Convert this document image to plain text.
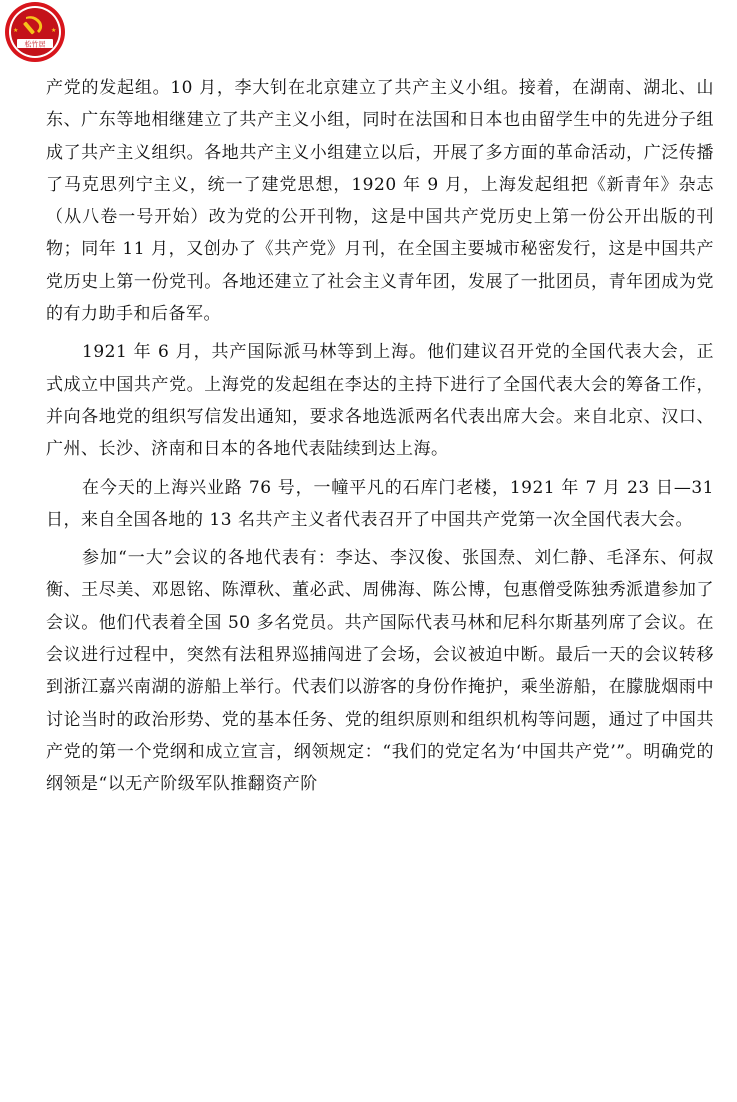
★	★
松竹居

产党的发起组。10 月，李大钊在北京建立了共产主义小组。接着，在湖南、湖北、山东、广东等地相继建立了共产主义小组，同时在法国和日本也由留学生中的先进分子组成了共产主义组织。各地共产主义小组建立以后，开展了多方面的革命活动，广泛传播了马克思列宁主义，统一了建党思想，1920 年 9 月，上海发起组把《新青年》杂志（从八卷一号开始）改为党的公开刊物，这是中国共产党历史上第一份公开出版的刊物；同年 11 月，又创办了《共产党》月刊，在全国主要城市秘密发行，这是中国共产党历史上第一份党刊。各地还建立了社会主义青年团，发展了一批团员，青年团成为党的有力助手和后备军。

1921 年 6 月，共产国际派马林等到上海。他们建议召开党的全国代表大会，正式成立中国共产党。上海党的发起组在李达的主持下进行了全国代表大会的筹备工作，并向各地党的组织写信发出通知，要求各地选派两名代表出席大会。来自北京、汉口、广州、长沙、济南和日本的各地代表陆续到达上海。

在今天的上海兴业路 76 号，一幢平凡的石库门老楼，1921 年 7 月 23 日—31 日，来自全国各地的 13 名共产主义者代表召开了中国共产党第一次全国代表大会。

参加“一大”会议的各地代表有：李达、李汉俊、张国焘、刘仁静、毛泽东、何叔衡、王尽美、邓恩铭、陈潭秋、董必武、周佛海、陈公博，包惠僧受陈独秀派遣参加了会议。他们代表着全国 50 多名党员。共产国际代表马林和尼科尔斯基列席了会议。在会议进行过程中，突然有法租界巡捕闯进了会场，会议被迫中断。最后一天的会议转移到浙江嘉兴南湖的游船上举行。代表们以游客的身份作掩护，乘坐游船，在朦胧烟雨中讨论当时的政治形势、党的基本任务、党的组织原则和组织机构等问题，通过了中国共产党的第一个党纲和成立宣言，纲领规定：“我们的党定名为‘中国共产党’”。明确党的纲领是“以无产阶级军队推翻资产阶
